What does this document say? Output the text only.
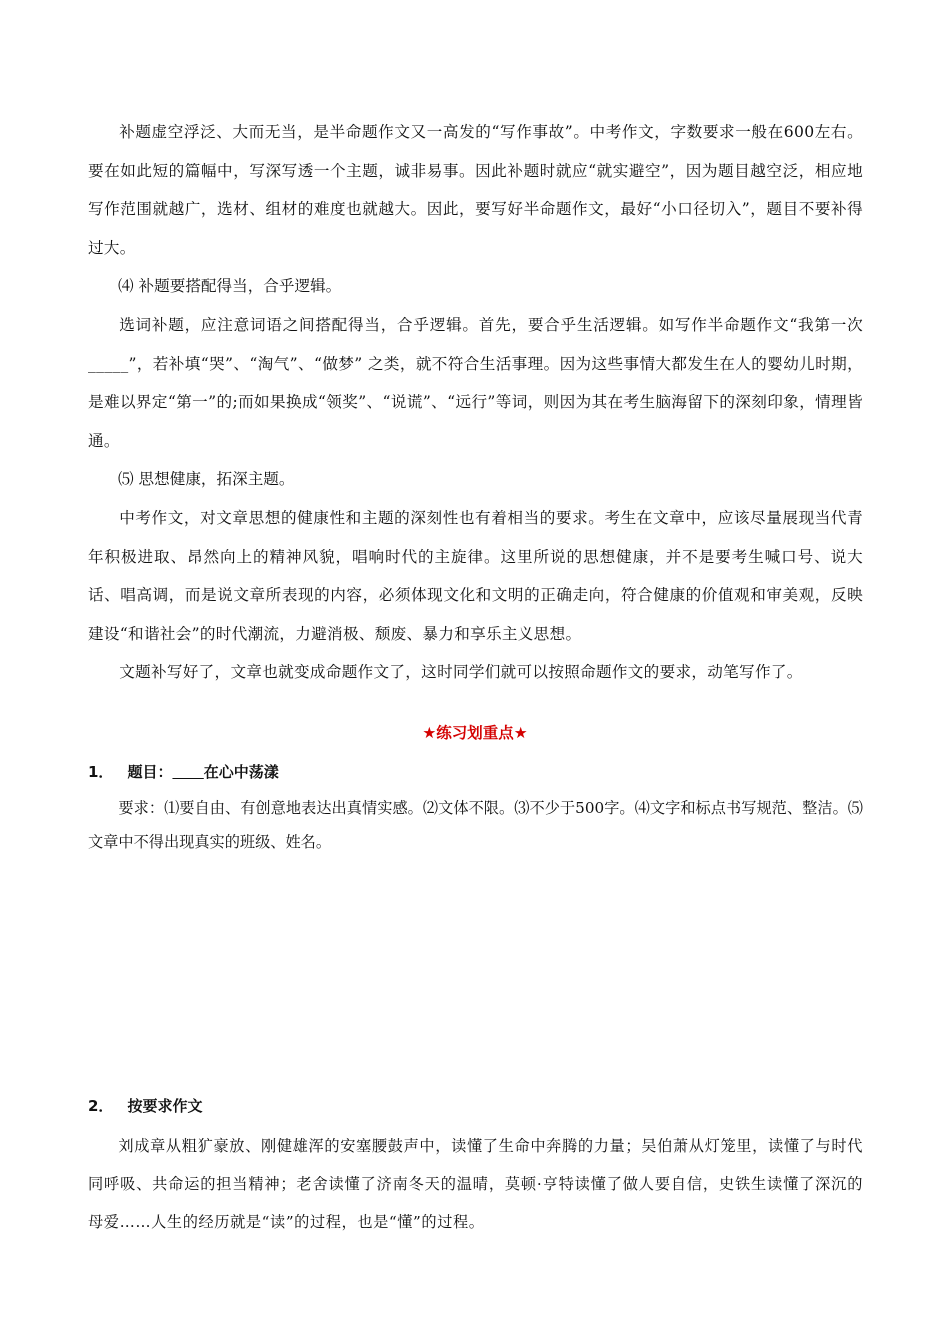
补题虚空浮泛、大而无当，是半命题作文又一高发的“写作事故”。中考作文，字数要求一般在600左右。要在如此短的篇幅中，写深写透一个主题，诚非易事。因此补题时就应“就实避空”，因为题目越空泛，相应地写作范围就越广，选材、组材的难度也就越大。因此，要写好半命题作文，最好“小口径切入”，题目不要补得过大。

⑷ 补题要搭配得当，合乎逻辑。

选词补题，应注意词语之间搭配得当，合乎逻辑。首先，要合乎生活逻辑。如写作半命题作文“我第一次_____”，若补填“哭”、“淘气”、“做梦” 之类，就不符合生活事理。因为这些事情大都发生在人的婴幼儿时期，是难以界定“第一”的;而如果换成“领奖”、“说谎”、“远行”等词，则因为其在考生脑海留下的深刻印象，情理皆通。

⑸ 思想健康，拓深主题。

中考作文，对文章思想的健康性和主题的深刻性也有着相当的要求。考生在文章中，应该尽量展现当代青年积极进取、昂然向上的精神风貌，唱响时代的主旋律。这里所说的思想健康，并不是要考生喊口号、说大话、唱高调，而是说文章所表现的内容，必须体现文化和文明的正确走向，符合健康的价值观和审美观，反映建设“和谐社会”的时代潮流，力避消极、颓废、暴力和享乐主义思想。

文题补写好了，文章也就变成命题作文了，这时同学们就可以按照命题作文的要求，动笔写作了。

★练习划重点★

1． 题目： 在心中荡漾

要求：⑴要自由、有创意地表达出真情实感。⑵文体不限。⑶不少于500字。⑷文字和标点书写规范、整洁。⑸文章中不得出现真实的班级、姓名。

2． 按要求作文

刘成章从粗犷豪放、刚健雄浑的安塞腰鼓声中，读懂了生命中奔腾的力量；吴伯萧从灯笼里，读懂了与时代同呼吸、共命运的担当精神；老舍读懂了济南冬天的温晴，莫顿·亨特读懂了做人要自信，史铁生读懂了深沉的母爱……人生的经历就是“读”的过程，也是“懂”的过程。
